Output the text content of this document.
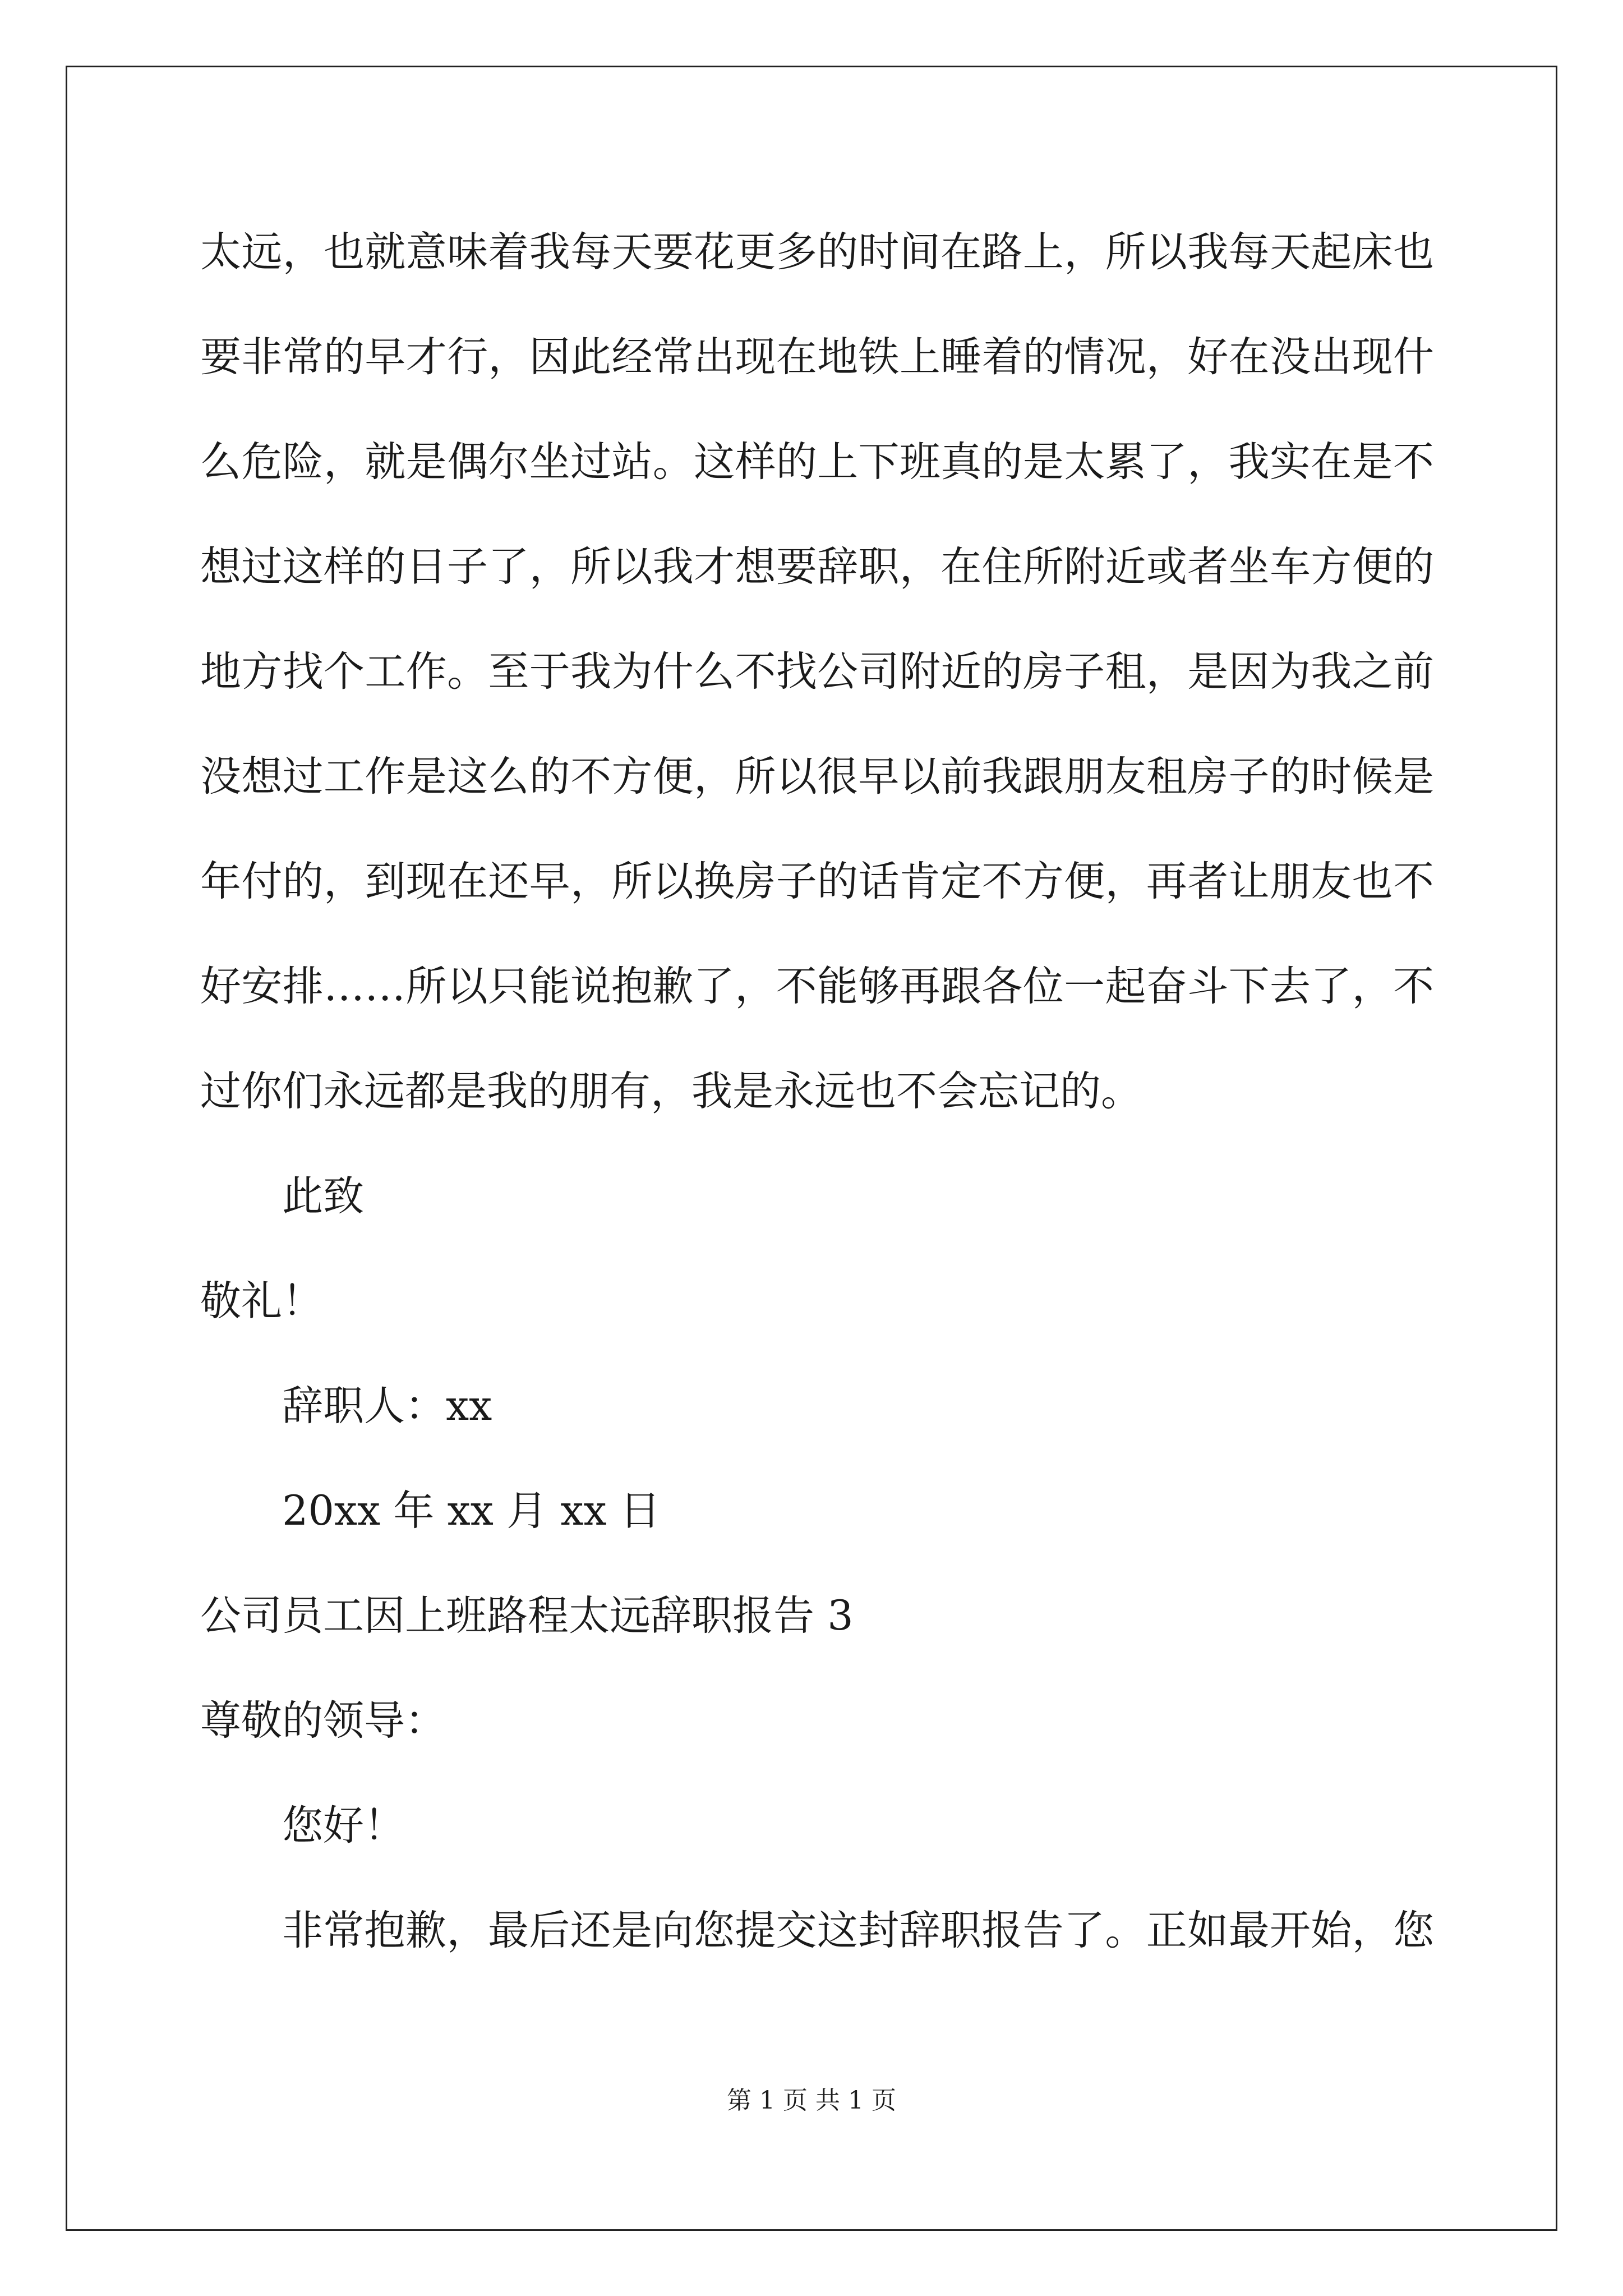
太远，也就意味着我每天要花更多的时间在路上，所以我每天起床也
要非常的早才行，因此经常出现在地铁上睡着的情况，好在没出现什
么危险，就是偶尔坐过站。这样的上下班真的是太累了，我实在是不
想过这样的日子了，所以我才想要辞职，在住所附近或者坐车方便的
地方找个工作。至于我为什么不找公司附近的房子租，是因为我之前
没想过工作是这么的不方便，所以很早以前我跟朋友租房子的时候是
年付的，到现在还早，所以换房子的话肯定不方便，再者让朋友也不
好安排……所以只能说抱歉了，不能够再跟各位一起奋斗下去了，不
过你们永远都是我的朋有，我是永远也不会忘记的。
此致
敬礼！
辞职人：xx
20xx 年 xx 月 xx 日
公司员工因上班路程太远辞职报告 3
尊敬的领导：
您好！
非常抱歉，最后还是向您提交这封辞职报告了。正如最开始，您
第 1 页 共 1 页
